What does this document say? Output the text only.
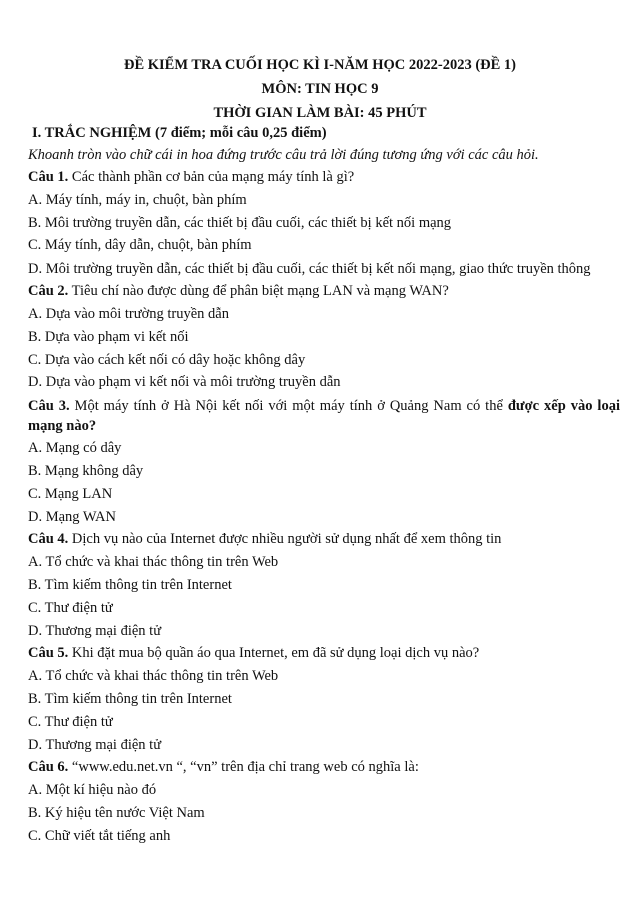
ĐỀ KIỂM TRA CUỐI HỌC KÌ I-NĂM HỌC 2022-2023 (ĐỀ 1)

MÔN: TIN HỌC 9

THỜI GIAN LÀM BÀI: 45 PHÚT

I. TRẮC NGHIỆM (7 điểm; mỗi câu 0,25 điểm)

Khoanh tròn vào chữ cái in hoa đứng trước câu trả lời đúng tương ứng với các câu hỏi.

Câu 1. Các thành phần cơ bản của mạng máy tính là gì?

A. Máy tính, máy in, chuột, bàn phím

B. Môi trường truyền dẫn, các thiết bị đầu cuối, các thiết bị kết nối mạng

C. Máy tính, dây dẫn, chuột, bàn phím

D. Môi trường truyền dẫn, các thiết bị đầu cuối, các thiết bị kết nối mạng, giao thức truyền thông

Câu 2. Tiêu chí nào được dùng để phân biệt mạng LAN và mạng WAN?

A. Dựa vào môi trường truyền dẫn

B. Dựa vào phạm vi kết nối

C. Dựa vào cách kết nối có dây hoặc không dây

D. Dựa vào phạm vi kết nối và môi trường truyền dẫn

Câu 3. Một máy tính ở Hà Nội kết nối với một máy tính ở Quảng Nam có thể được xếp vào loại mạng nào?

A. Mạng có dây

B. Mạng không dây

C. Mạng LAN

D. Mạng WAN

Câu 4. Dịch vụ nào của Internet được nhiều người sử dụng nhất để xem thông tin

A. Tổ chức và khai thác thông tin trên Web

B. Tìm kiếm thông tin trên Internet

C. Thư điện tử

D. Thương mại điện tử

Câu 5. Khi đặt mua bộ quần áo qua Internet, em đã sử dụng loại dịch vụ nào?

A. Tổ chức và khai thác thông tin trên Web

B. Tìm kiếm thông tin trên Internet

C. Thư điện tử

D. Thương mại điện tử

Câu 6. “www.edu.net.vn “, “vn” trên địa chỉ trang web có nghĩa là:

A. Một kí hiệu nào đó

B. Ký hiệu tên nước Việt Nam

C. Chữ viết tắt tiếng anh
